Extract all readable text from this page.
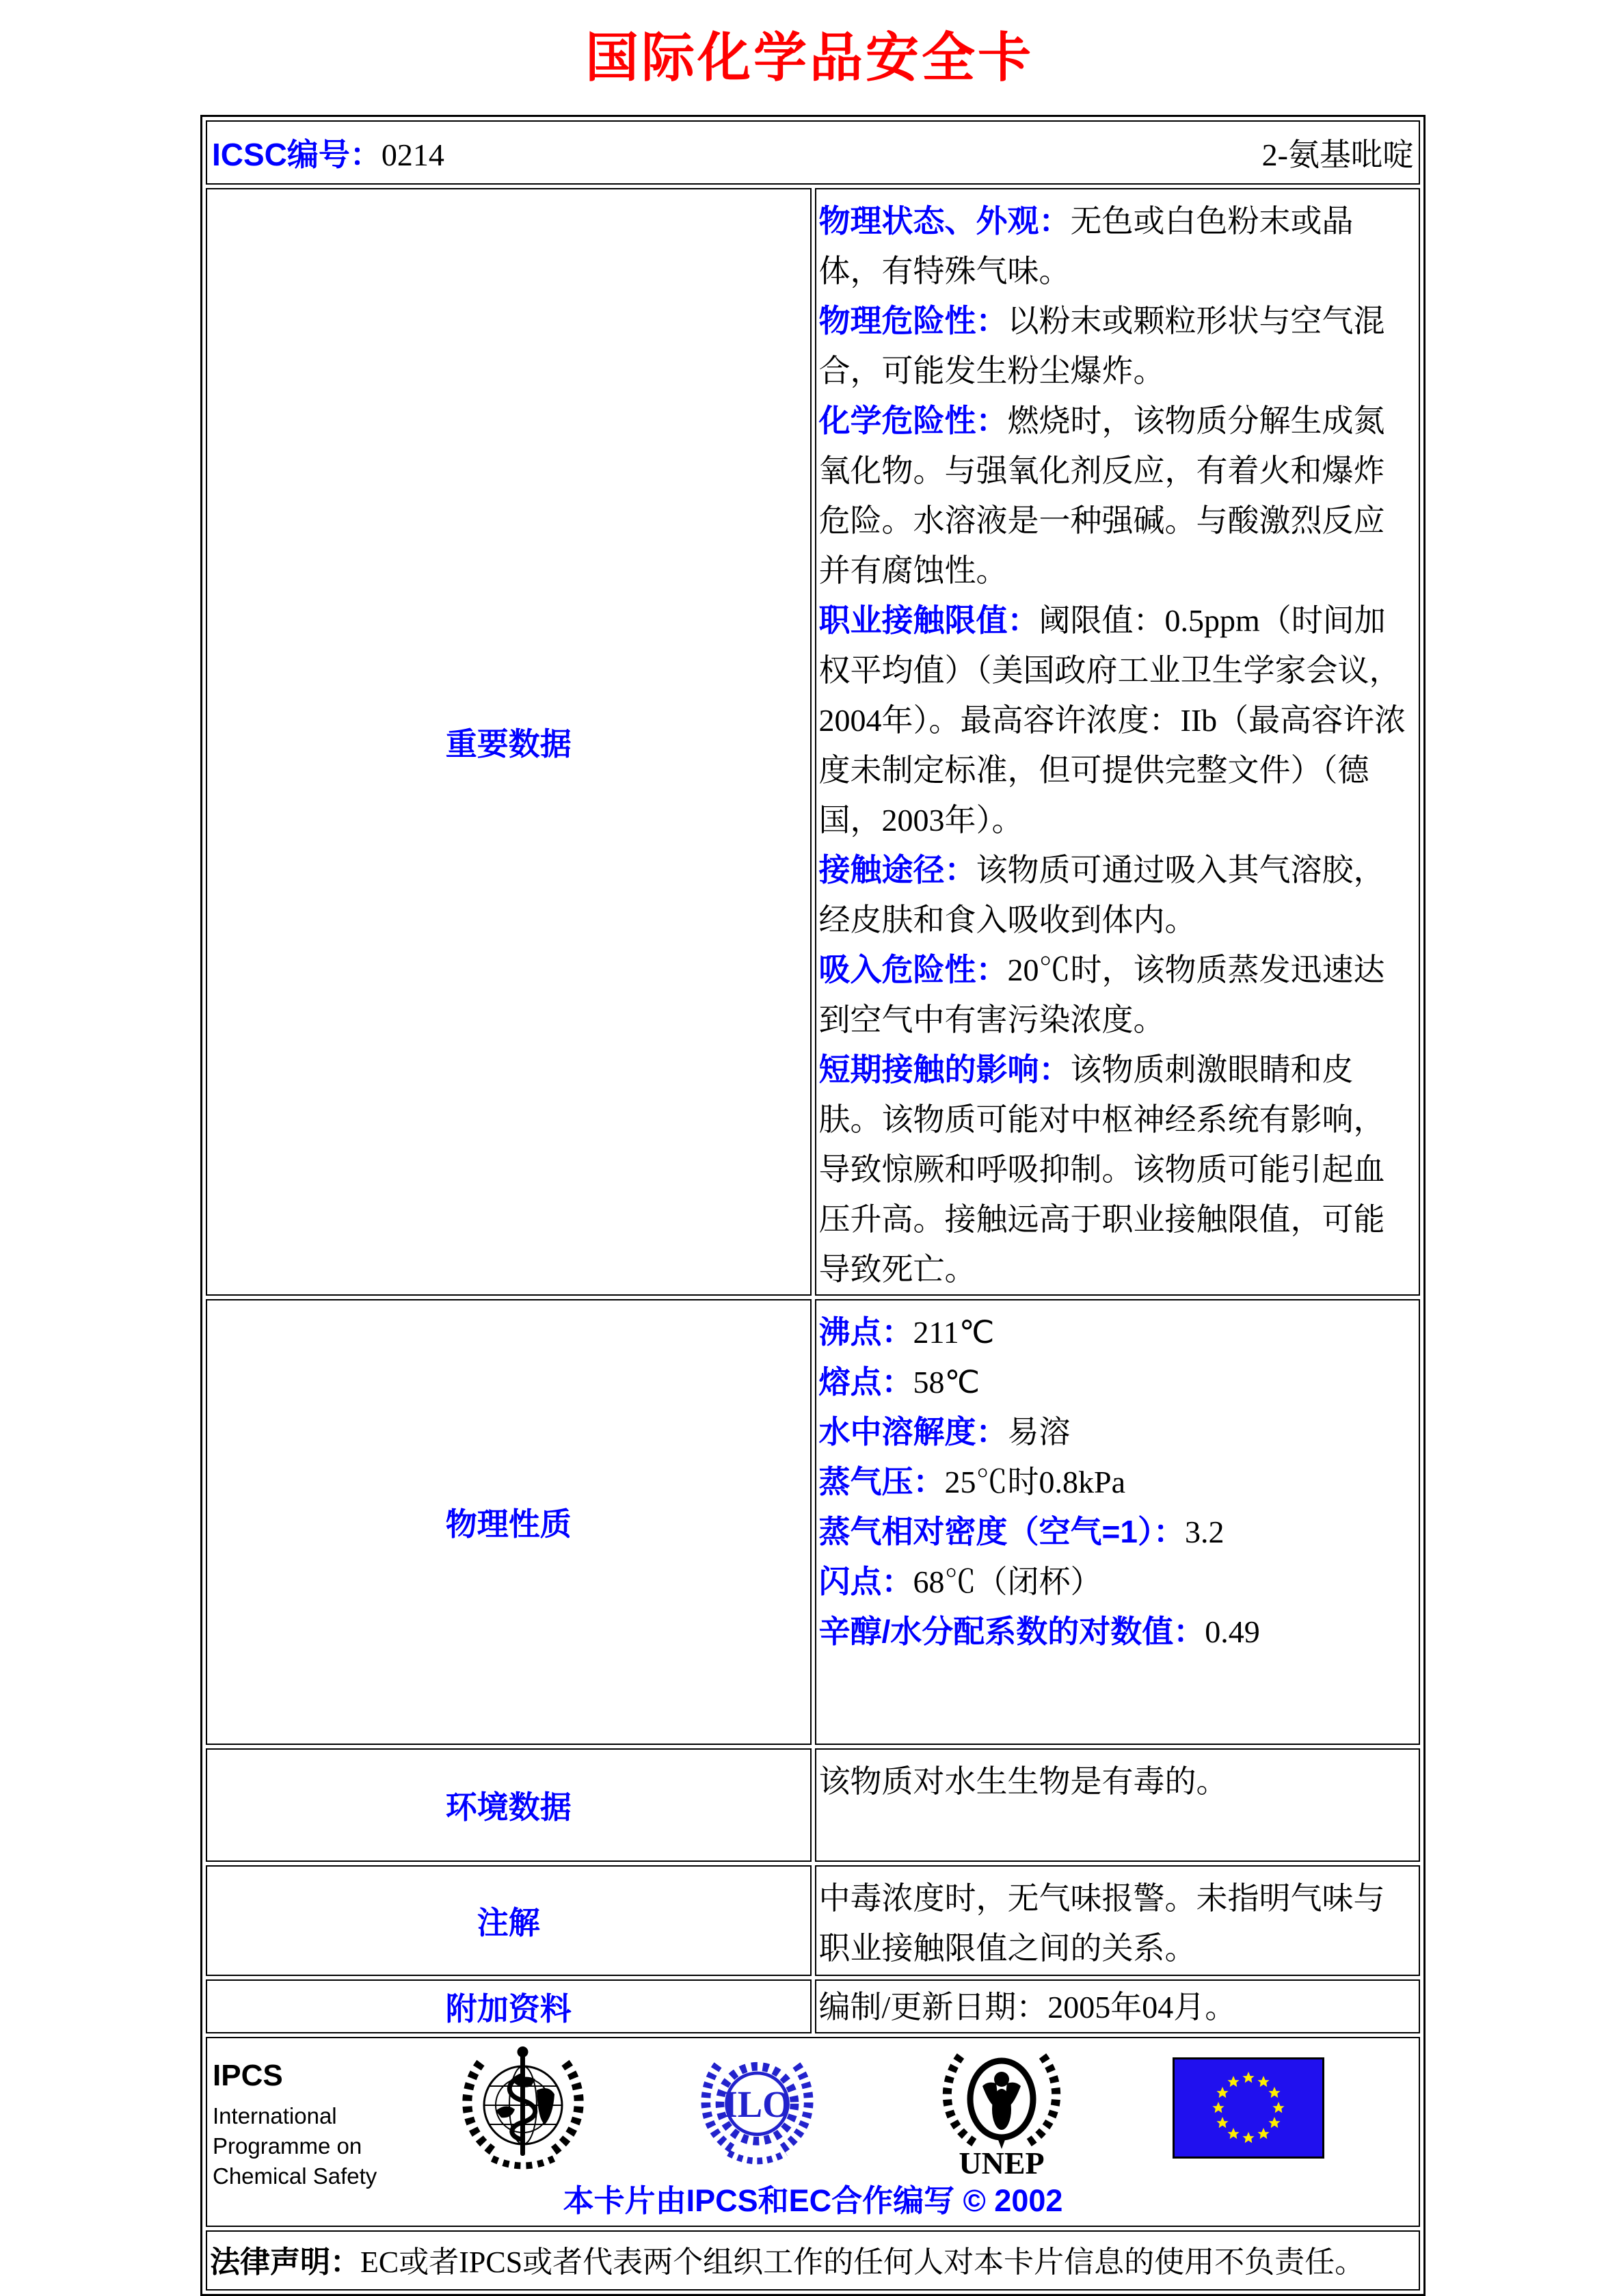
国际化学品安全卡
ICSC编号：0214 2-氨基吡啶	

重要数据	
物理状态、外观：无色或白色粉末或晶体，有特殊气味。
物理危险性：以粉末或颗粒形状与空气混合，可能发生粉尘爆炸。
化学危险性：燃烧时，该物质分解生成氮氧化物。与强氧化剂反应，有着火和爆炸危险。水溶液是一种强碱。与酸激烈反应并有腐蚀性。
职业接触限值：阈限值：0.5ppm（时间加权平均值）（美国政府工业卫生学家会议，2004年）。最高容许浓度：IIb（最高容许浓度未制定标准，但可提供完整文件）（德国，2003年）。
接触途径：该物质可通过吸入其气溶胶，经皮肤和食入吸收到体内。
吸入危险性：20℃时，该物质蒸发迅速达到空气中有害污染浓度。
短期接触的影响：该物质刺激眼睛和皮肤。该物质可能对中枢神经系统有影响，导致惊厥和呼吸抑制。该物质可能引起血压升高。接触远高于职业接触限值，可能导致死亡。

物理性质	
沸点：211℃
熔点：58℃
水中溶解度：易溶
蒸气压：25℃时0.8kPa
蒸气相对密度（空气=1）：3.2
闪点：68℃（闭杯）
辛醇/水分配系数的对数值：0.49

环境数据	该物质对水生生物是有毒的。
注解	中毒浓度时，无气味报警。未指明气味与职业接触限值之间的关系。
附加资料	编制/更新日期：2005年04月。

IPCS
International
Programme on
Chemical Safety
ILO
UNEP
本卡片由IPCS和EC合作编写 © 2002

法律声明：EC或者IPCS或者代表两个组织工作的任何人对本卡片信息的使用不负责任。	
